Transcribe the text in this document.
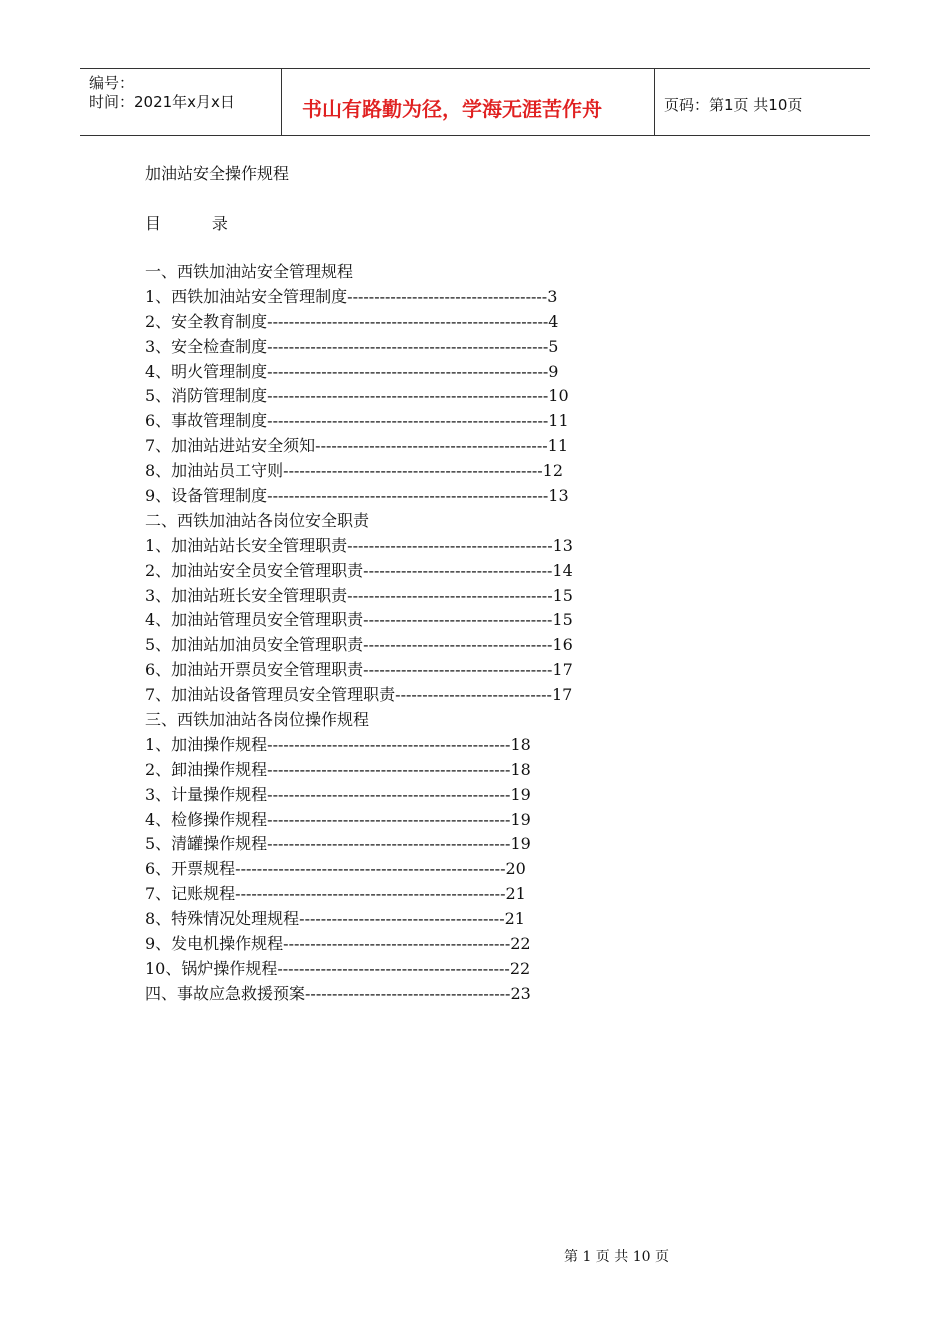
编号：
时间：2021年x月x日	书山有路勤为径，学海无涯苦作舟	页码：第1页 共10页
加油站安全操作规程
目          录
一、西铁加油站安全管理规程
1、西铁加油站安全管理制度-------------------------------------3
2、安全教育制度----------------------------------------------------4
3、安全检查制度----------------------------------------------------5
4、明火管理制度----------------------------------------------------9
5、消防管理制度----------------------------------------------------10
6、事故管理制度----------------------------------------------------11
7、加油站进站安全须知-------------------------------------------11
8、加油站员工守则------------------------------------------------12
9、设备管理制度----------------------------------------------------13
二、西铁加油站各岗位安全职责
1、加油站站长安全管理职责--------------------------------------13
2、加油站安全员安全管理职责-----------------------------------14
3、加油站班长安全管理职责--------------------------------------15
4、加油站管理员安全管理职责-----------------------------------15
5、加油站加油员安全管理职责-----------------------------------16
6、加油站开票员安全管理职责-----------------------------------17
7、加油站设备管理员安全管理职责-----------------------------17
三、西铁加油站各岗位操作规程
1、加油操作规程---------------------------------------------18
2、卸油操作规程---------------------------------------------18
3、计量操作规程---------------------------------------------19
4、检修操作规程---------------------------------------------19
5、清罐操作规程---------------------------------------------19
6、开票规程--------------------------------------------------20
7、记账规程--------------------------------------------------21
8、特殊情况处理规程--------------------------------------21
9、发电机操作规程------------------------------------------22
10、锅炉操作规程-------------------------------------------22
四、事故应急救援预案--------------------------------------23
第 1 页 共 10 页
